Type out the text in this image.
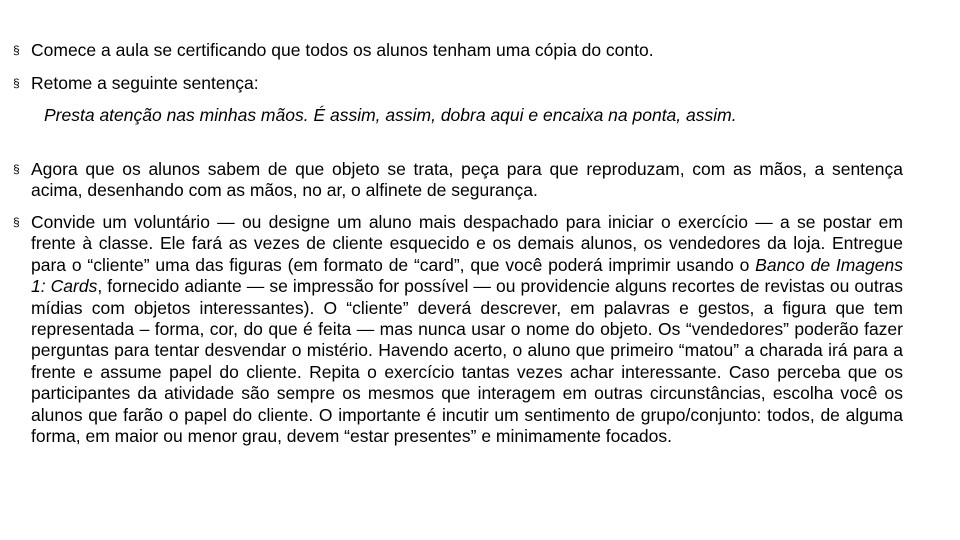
§ Comece a aula se certificando que todos os alunos tenham uma cópia do conto.
§ Retome a seguinte sentença:
Presta atenção nas minhas mãos. É assim, assim, dobra aqui e encaixa na ponta, assim.
§ Agora que os alunos sabem de que objeto se trata, peça para que reproduzam, com as mãos, a sentença acima, desenhando com as mãos, no ar, o alfinete de segurança.
§ Convide um voluntário — ou designe um aluno mais despachado para iniciar o exercício — a se postar em frente à classe. Ele fará as vezes de cliente esquecido e os demais alunos, os vendedores da loja. Entregue para o “cliente” uma das figuras (em formato de “card”, que você poderá imprimir usando o Banco de Imagens 1: Cards, fornecido adiante — se impressão for possível — ou providencie alguns recortes de revistas ou outras mídias com objetos interessantes). O “cliente” deverá descrever, em palavras e gestos, a figura que tem representada – forma, cor, do que é feita — mas nunca usar o nome do objeto. Os “vendedores” poderão fazer perguntas para tentar desvendar o mistério. Havendo acerto, o aluno que primeiro “matou” a charada irá para a frente e assume papel do cliente. Repita o exercício tantas vezes achar interessante. Caso perceba que os participantes da atividade são sempre os mesmos que interagem em outras circunstâncias, escolha você os alunos que farão o papel do cliente. O importante é incutir um sentimento de grupo/conjunto: todos, de alguma forma, em maior ou menor grau, devem “estar presentes” e minimamente focados.
